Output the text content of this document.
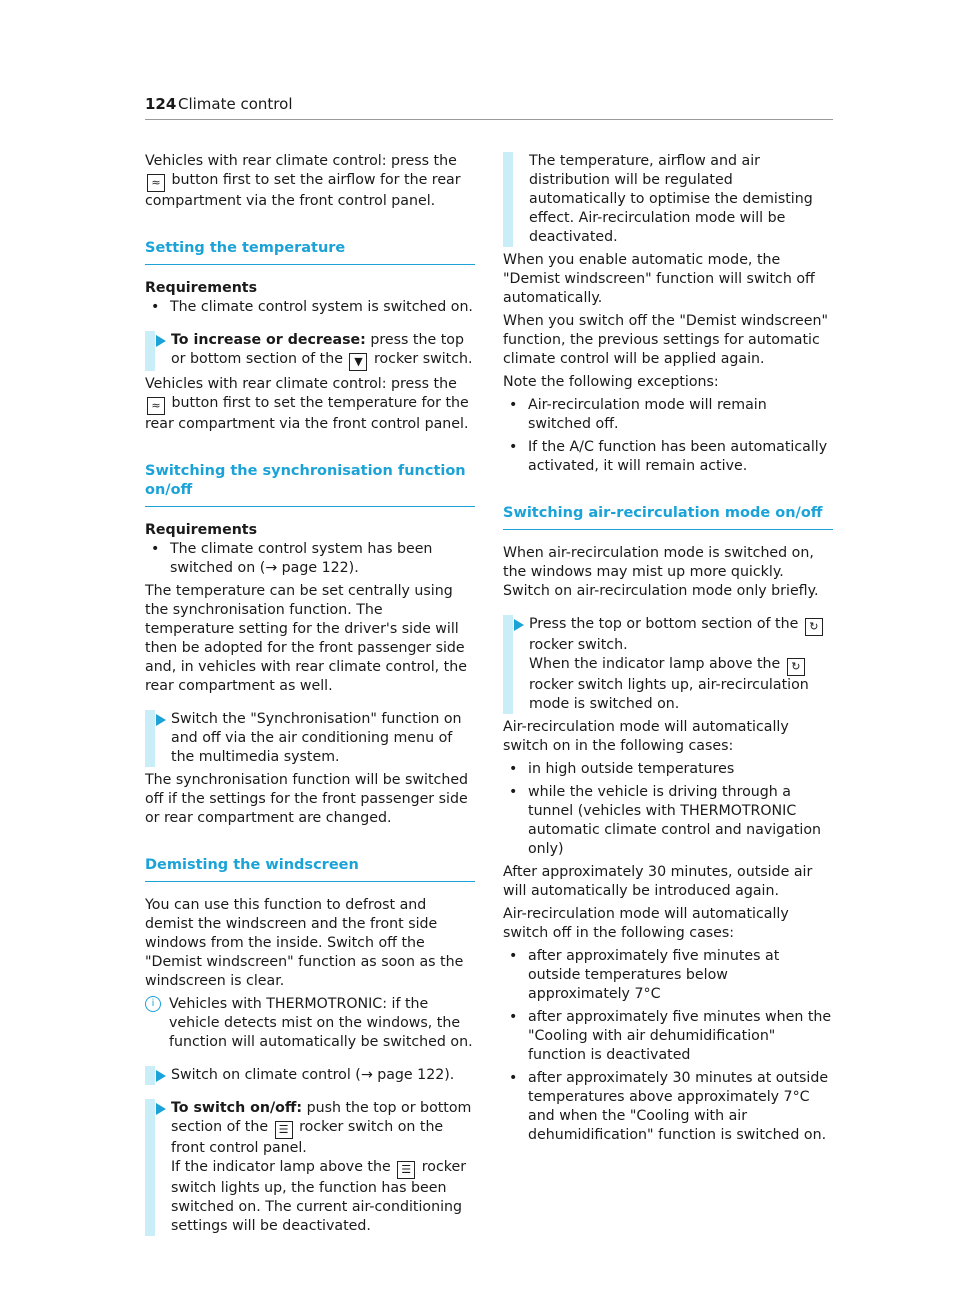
124 Climate control

Vehicles with rear climate control: press the ≈ button first to set the airflow for the rear compartment via the front control panel.

Setting the temperature

Requirements

• The climate control system is switched on.
To increase or decrease: press the top or bottom section of the ▼ rocker switch.

Vehicles with rear climate control: press the ≈ button first to set the temperature for the rear compartment via the front control panel.

Switching the synchronisation function on/off

Requirements

• The climate control system has been switched on (→ page 122).

The temperature can be set centrally using the synchronisation function. The temperature setting for the driver's side will then be adopted for the front passenger side and, in vehicles with rear climate control, the rear compartment as well.

Switch the "Synchronisation" function on and off via the air conditioning menu of the multimedia system.

The synchronisation function will be switched off if the settings for the front passenger side or rear compartment are changed.

Demisting the windscreen

You can use this function to defrost and demist the windscreen and the front side windows from the inside. Switch off the "Demist windscreen" function as soon as the windscreen is clear.

i	Vehicles with THERMOTRONIC: if the vehicle detects mist on the windows, the function will automatically be switched on.
Switch on climate control (→ page 122).
To switch on/off: push the top or bottom section of the ☰ rocker switch on the front control panel.
If the indicator lamp above the ☰ rocker switch lights up, the function has been switched on. The current air-conditioning settings will be deactivated.
The temperature, airflow and air distribution will be regulated automatically to optimise the demisting effect. Air-recirculation mode will be deactivated.

When you enable automatic mode, the "Demist windscreen" function will switch off automatically.

When you switch off the "Demist windscreen" function, the previous settings for automatic climate control will be applied again.

Note the following exceptions:

• Air-recirculation mode will remain switched off.
• If the A/C function has been automatically activated, it will remain active.
Switching air-recirculation mode on/off

When air-recirculation mode is switched on, the windows may mist up more quickly. Switch on air-recirculation mode only briefly.

Press the top or bottom section of the ↻ rocker switch.
When the indicator lamp above the ↻ rocker switch lights up, air-recirculation mode is switched on.

Air-recirculation mode will automatically switch on in the following cases:

• in high outside temperatures
• while the vehicle is driving through a tunnel (vehicles with THERMOTRONIC automatic climate control and navigation only)

After approximately 30 minutes, outside air will automatically be introduced again.

Air-recirculation mode will automatically switch off in the following cases:

• after approximately five minutes at outside temperatures below approximately 7°C
• after approximately five minutes when the "Cooling with air dehumidification" function is deactivated
• after approximately 30 minutes at outside temperatures above approximately 7°C and when the "Cooling with air dehumidification" function is switched on.
